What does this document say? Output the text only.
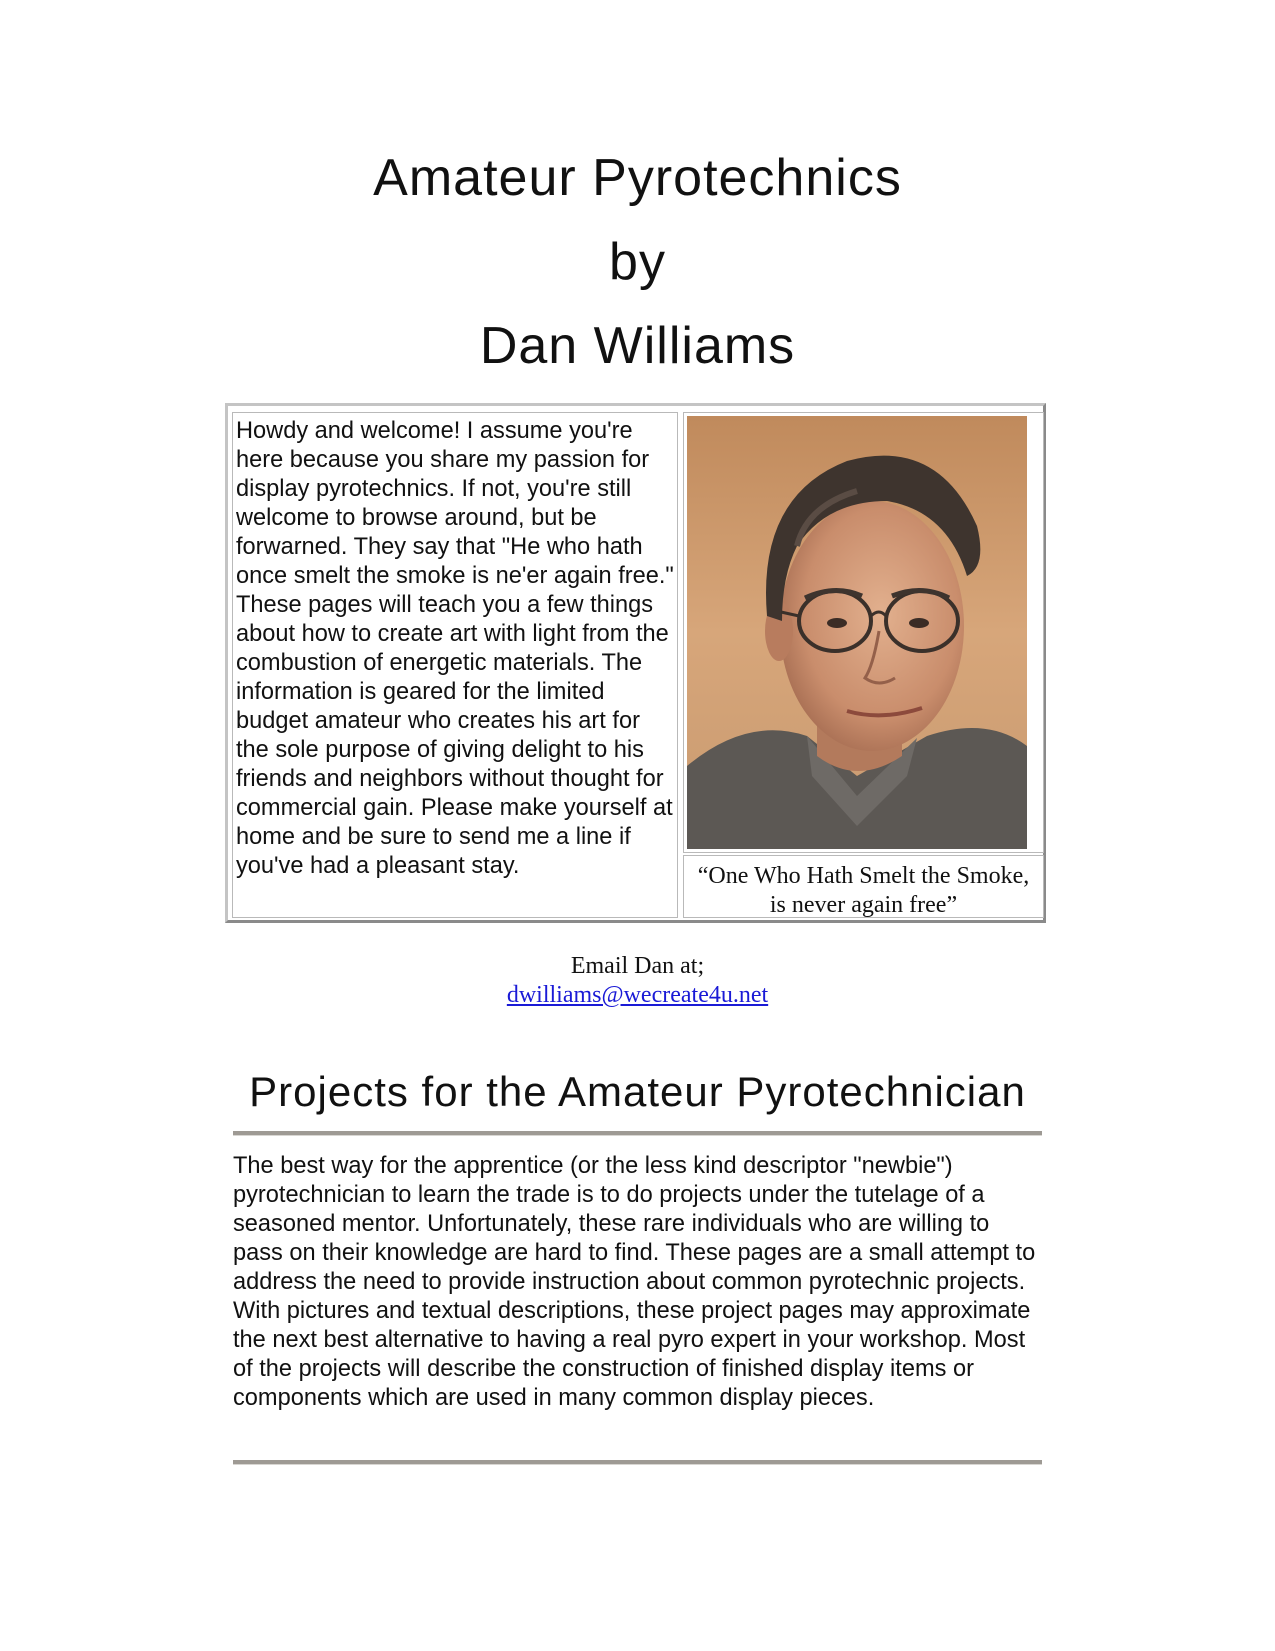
Amateur Pyrotechnics
by
Dan Williams

Howdy and welcome! I assume you're here because you share my passion for display pyrotechnics. If not, you're still welcome to browse around, but be forwarned. They say that "He who hath once smelt the smoke is ne'er again free." These pages will teach you a few things about how to create art with light from the combustion of energetic materials. The information is geared for the limited budget amateur who creates his art for the sole purpose of giving delight to his friends and neighbors without thought for commercial gain. Please make yourself at home and be sure to send me a line if you've had a pleasant stay.	“One Who Hath Smelt the Smoke,

is never again free”

Email Dan at;
dwilliams@wecreate4u.net
Projects for the Amateur Pyrotechnician

The best way for the apprentice (or the less kind descriptor "newbie") pyrotechnician to learn the trade is to do projects under the tutelage of a seasoned mentor. Unfortunately, these rare individuals who are willing to pass on their knowledge are hard to find. These pages are a small attempt to address the need to provide instruction about common pyrotechnic projects. With pictures and textual descriptions, these project pages may approximate the next best alternative to having a real pyro expert in your workshop. Most of the projects will describe the construction of finished display items or components which are used in many common display pieces.
